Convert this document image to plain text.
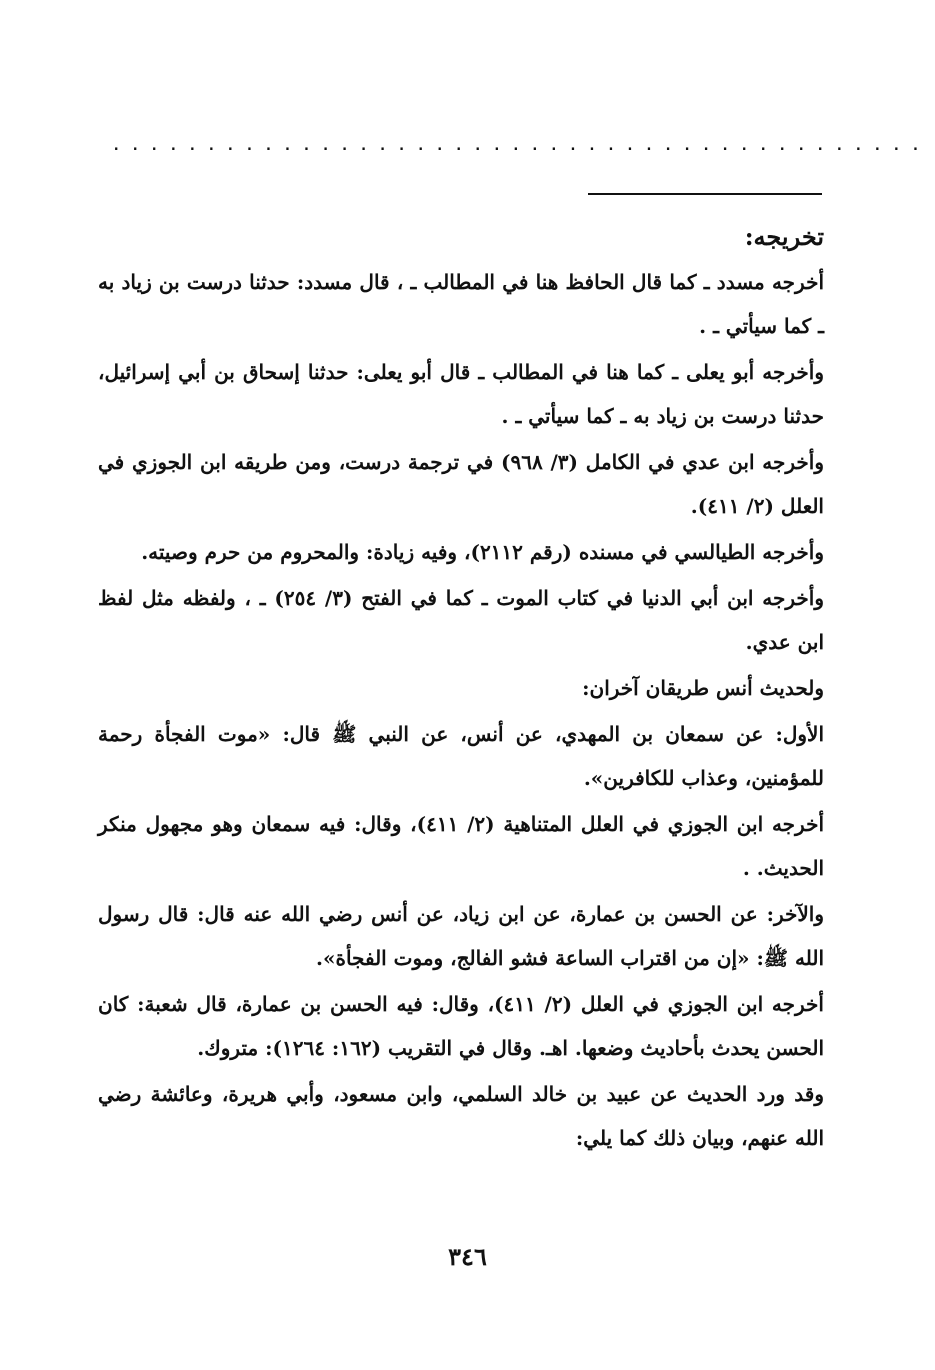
...........................................
تخريجه:

أخرجه مسدد ـ كما قال الحافظ هنا في المطالب ـ ، قال مسدد: حدثنا درست بن زياد به ـ كما سيأتي ـ .

وأخرجه أبو يعلى ـ كما هنا في المطالب ـ قال أبو يعلى: حدثنا إسحاق بن أبي إسرائيل، حدثنا درست بن زياد به ـ كما سيأتي ـ .

وأخرجه ابن عدي في الكامل (٣/ ٩٦٨) في ترجمة درست، ومن طريقه ابن الجوزي في العلل (٢/ ٤١١).

وأخرجه الطيالسي في مسنده (رقم ٢١١٢)، وفيه زيادة: والمحروم من حرم وصيته.

وأخرجه ابن أبي الدنيا في كتاب الموت ـ كما في الفتح (٣/ ٢٥٤) ـ ، ولفظه مثل لفظ ابن عدي.

ولحديث أنس طريقان آخران:

الأول: عن سمعان بن المهدي، عن أنس، عن النبي ﷺ قال: «موت الفجأة رحمة للمؤمنين، وعذاب للكافرين».

أخرجه ابن الجوزي في العلل المتناهية (٢/ ٤١١)، وقال: فيه سمعان وهو مجهول منكر الحديث. .

والآخر: عن الحسن بن عمارة، عن ابن زياد، عن أنس رضي الله عنه قال: قال رسول الله ﷺ: «إن من اقتراب الساعة فشو الفالج، وموت الفجأة».

أخرجه ابن الجوزي في العلل (٢/ ٤١١)، وقال: فيه الحسن بن عمارة، قال شعبة: كان الحسن يحدث بأحاديث وضعها. اهـ. وقال في التقريب (١٦٢: ١٢٦٤): متروك.

وقد ورد الحديث عن عبيد بن خالد السلمي، وابن مسعود، وأبي هريرة، وعائشة رضي الله عنهم، وبيان ذلك كما يلي:

٣٤٦
